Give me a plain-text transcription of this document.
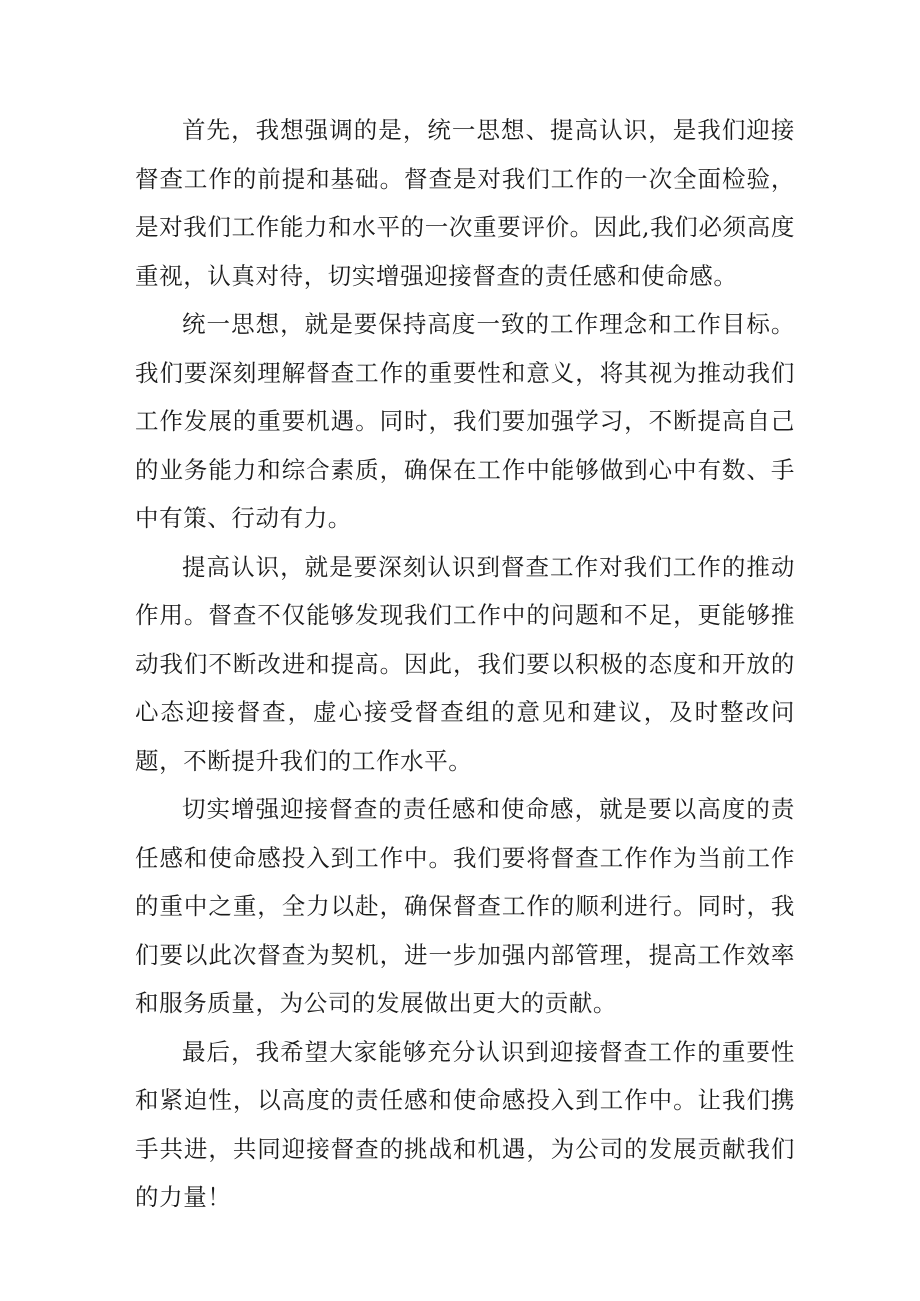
首先，我想强调的是，统一思想、提高认识，是我们迎接督查工作的前提和基础。督查是对我们工作的一次全面检验，是对我们工作能力和水平的一次重要评价。因此,我们必须高度重视，认真对待，切实增强迎接督查的责任感和使命感。

统一思想，就是要保持高度一致的工作理念和工作目标。我们要深刻理解督查工作的重要性和意义，将其视为推动我们工作发展的重要机遇。同时，我们要加强学习，不断提高自己的业务能力和综合素质，确保在工作中能够做到心中有数、手中有策、行动有力。

提高认识，就是要深刻认识到督查工作对我们工作的推动作用。督查不仅能够发现我们工作中的问题和不足，更能够推动我们不断改进和提高。因此，我们要以积极的态度和开放的心态迎接督查，虚心接受督查组的意见和建议，及时整改问题，不断提升我们的工作水平。

切实增强迎接督查的责任感和使命感，就是要以高度的责任感和使命感投入到工作中。我们要将督查工作作为当前工作的重中之重，全力以赴，确保督查工作的顺利进行。同时，我们要以此次督查为契机，进一步加强内部管理，提高工作效率和服务质量，为公司的发展做出更大的贡献。

最后，我希望大家能够充分认识到迎接督查工作的重要性和紧迫性，以高度的责任感和使命感投入到工作中。让我们携手共进，共同迎接督查的挑战和机遇，为公司的发展贡献我们的力量！
